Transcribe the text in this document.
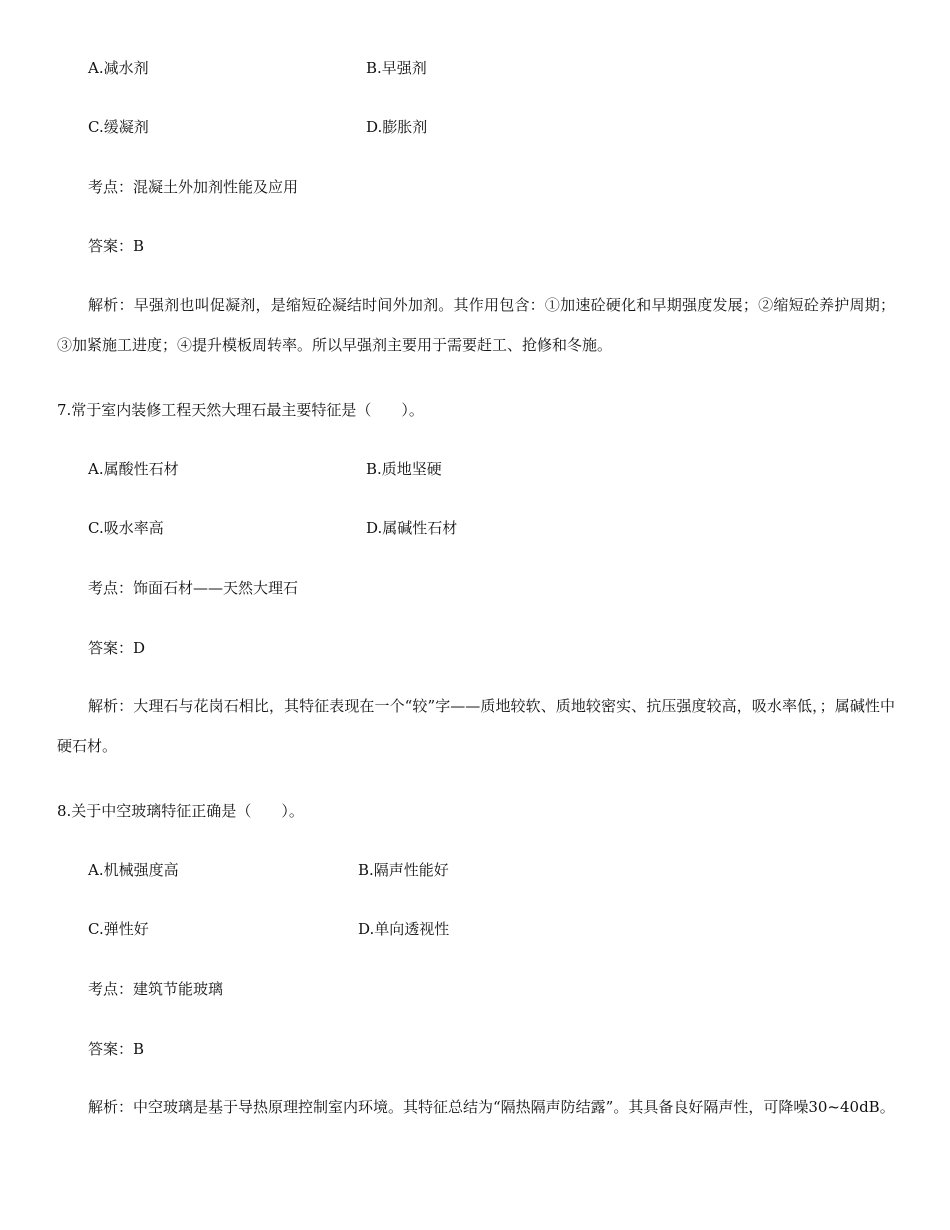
A.减水剂	B.早强剂
C.缓凝剂	D.膨胀剂
考点：混凝土外加剂性能及应用
答案：B
解析：早强剂也叫促凝剂，是缩短砼凝结时间外加剂。其作用包含：①加速砼硬化和早期强度发展；②缩短砼养护周期；③加紧施工进度；④提升模板周转率。所以早强剂主要用于需要赶工、抢修和冬施。
7.常于室内装修工程天然大理石最主要特征是（　　）。
A.属酸性石材	B.质地坚硬
C.吸水率高	D.属碱性石材
考点：饰面石材——天然大理石
答案：D
解析：大理石与花岗石相比，其特征表现在一个“较”字——质地较软、质地较密实、抗压强度较高，吸水率低，；属碱性中硬石材。
8.关于中空玻璃特征正确是（　　）。
A.机械强度高	B.隔声性能好
C.弹性好	D.单向透视性
考点：建筑节能玻璃
答案：B
解析：中空玻璃是基于导热原理控制室内环境。其特征总结为“隔热隔声防结露”。其具备良好隔声性，可降噪30~40dB。
